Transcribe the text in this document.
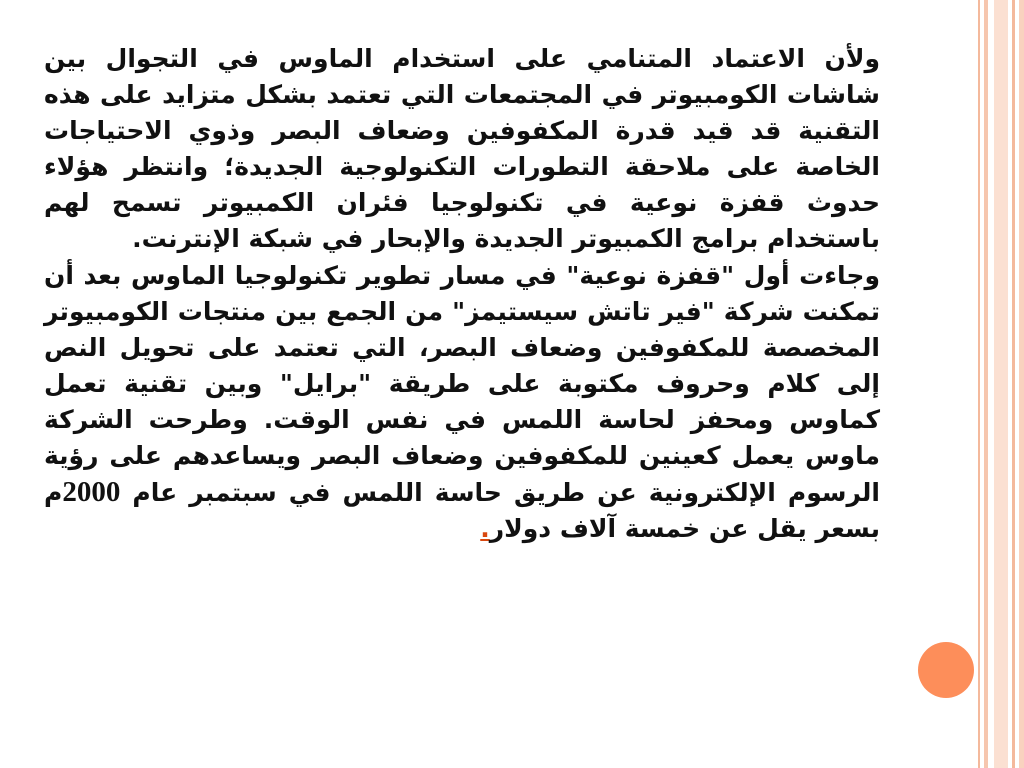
ولأن الاعتماد المتنامي على استخدام الماوس في التجوال بين شاشات الكومبيوتر في المجتمعات التي تعتمد بشكل متزايد على هذه التقنية قد قيد قدرة المكفوفين وضعاف البصر وذوي الاحتياجات الخاصة على ملاحقة التطورات التكنولوجية الجديدة؛ وانتظر هؤلاء حدوث قفزة نوعية في تكنولوجيا فئران الكمبيوتر تسمح لهم باستخدام برامج الكمبيوتر الجديدة والإبحار في شبكة الإنترنت.

وجاءت أول "قفزة نوعية" في مسار تطوير تكنولوجيا الماوس بعد أن تمكنت شركة "فير تاتش سيستيمز" من الجمع بين منتجات الكومبيوتر المخصصة للمكفوفين وضعاف البصر، التي تعتمد على تحويل النص إلى كلام وحروف مكتوبة على طريقة "برايل" وبين تقنية تعمل كماوس ومحفز لحاسة اللمس في نفس الوقت. وطرحت الشركة ماوس يعمل كعينين للمكفوفين وضعاف البصر ويساعدهم على رؤية الرسوم الإلكترونية عن طريق حاسة اللمس في سبتمبر عام 2000م بسعر يقل عن خمسة آلاف دولار.
